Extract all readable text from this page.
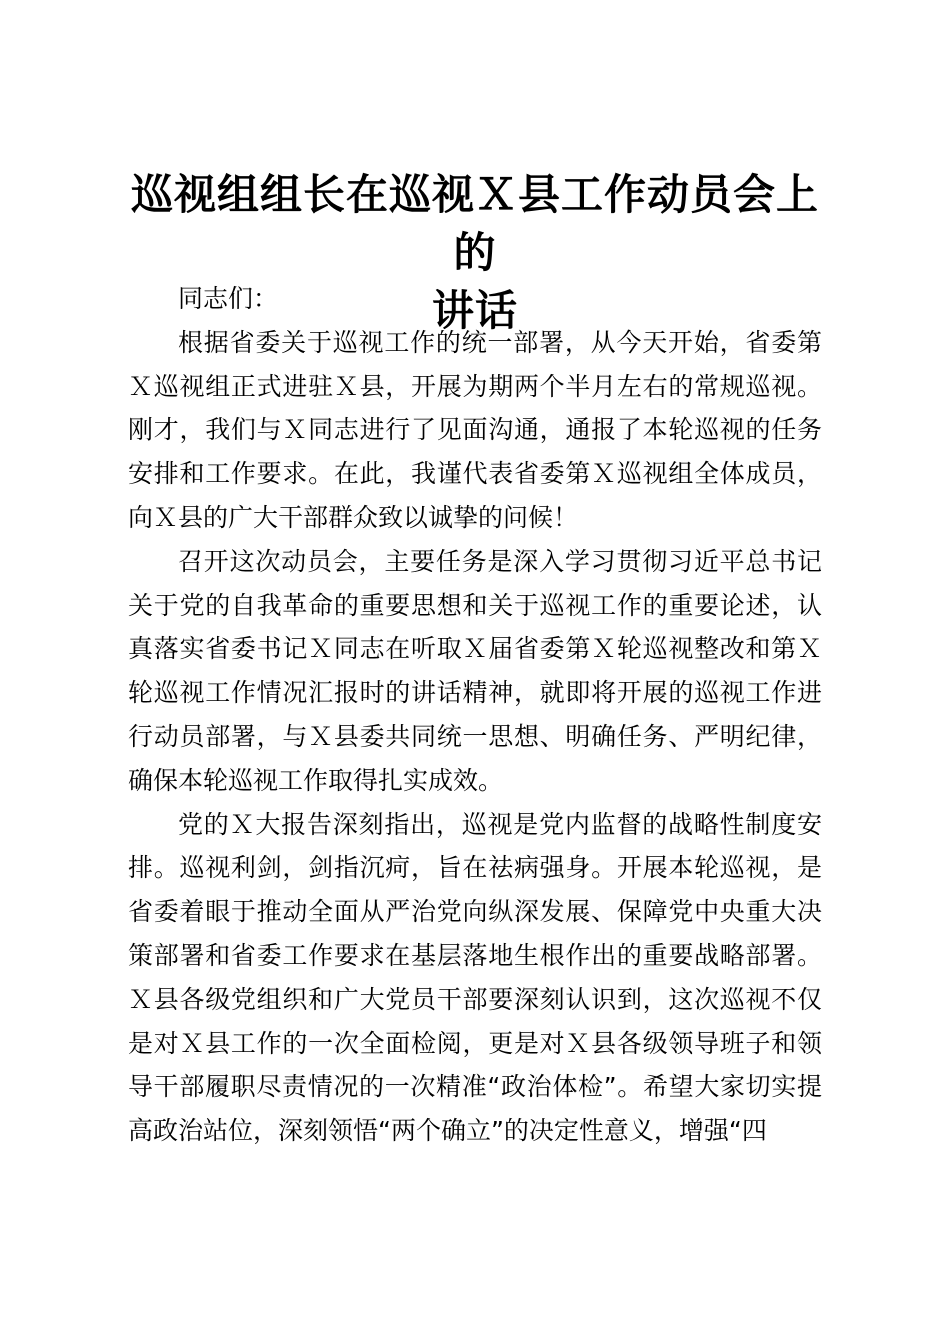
巡视组组长在巡视Ｘ县工作动员会上的
讲话

同志们：

根据省委关于巡视工作的统一部署，从今天开始，省委第Ｘ巡视组正式进驻Ｘ县，开展为期两个半月左右的常规巡视。刚才，我们与Ｘ同志进行了见面沟通，通报了本轮巡视的任务安排和工作要求。在此，我谨代表省委第Ｘ巡视组全体成员，向Ｘ县的广大干部群众致以诚挚的问候！

召开这次动员会，主要任务是深入学习贯彻习近平总书记关于党的自我革命的重要思想和关于巡视工作的重要论述，认真落实省委书记Ｘ同志在听取Ｘ届省委第Ｘ轮巡视整改和第Ｘ轮巡视工作情况汇报时的讲话精神，就即将开展的巡视工作进行动员部署，与Ｘ县委共同统一思想、明确任务、严明纪律，确保本轮巡视工作取得扎实成效。

党的Ｘ大报告深刻指出，巡视是党内监督的战略性制度安排。巡视利剑，剑指沉疴，旨在祛病强身。开展本轮巡视，是省委着眼于推动全面从严治党向纵深发展、保障党中央重大决策部署和省委工作要求在基层落地生根作出的重要战略部署。Ｘ县各级党组织和广大党员干部要深刻认识到，这次巡视不仅是对Ｘ县工作的一次全面检阅，更是对Ｘ县各级领导班子和领导干部履职尽责情况的一次精准“政治体检”。希望大家切实提高政治站位，深刻领悟“两个确立”的决定性意义，增强“四
